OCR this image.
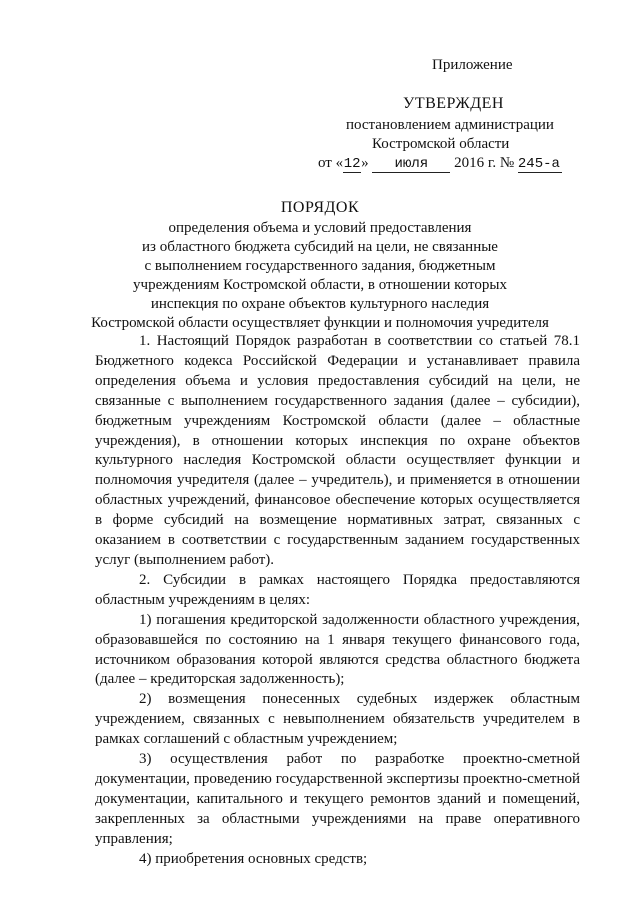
Приложение
УТВЕРЖДЕН
постановлением администрации
Костромской области
от «12» июля 2016 г. № 245-а
ПОРЯДОК
определения объема и условий предоставления
из областного бюджета субсидий на цели, не связанные
с выполнением государственного задания, бюджетным
учреждениям Костромской области, в отношении которых
инспекция по охране объектов культурного наследия
Костромской области осуществляет функции и полномочия учредителя

1. Настоящий Порядок разработан в соответствии со статьей 78.1 Бюджетного кодекса Российской Федерации и устанавливает правила определения объема и условия предоставления субсидий на цели, не связанные с выполнением государственного задания (далее – субсидии), бюджетным учреждениям Костромской области (далее – областные учреждения), в отношении которых инспекция по охране объектов культурного наследия Костромской области осуществляет функции и полномочия учредителя (далее – учредитель), и применяется в отношении областных учреждений, финансовое обеспечение которых осуществляется в форме субсидий на возмещение нормативных затрат, связанных с оказанием в соответствии с государственным заданием государственных услуг (выполнением работ).

2. Субсидии в рамках настоящего Порядка предоставляются областным учреждениям в целях:

1) погашения кредиторской задолженности областного учреждения, образовавшейся по состоянию на 1 января текущего финансового года, источником образования которой являются средства областного бюджета (далее – кредиторская задолженность);

2) возмещения понесенных судебных издержек областным учреждением, связанных с невыполнением обязательств учредителем в рамках соглашений с областным учреждением;

3) осуществления работ по разработке проектно-сметной документации, проведению государственной экспертизы проектно-сметной документации, капитального и текущего ремонтов зданий и помещений, закрепленных за областными учреждениями на праве оперативного управления;

4) приобретения основных средств;
